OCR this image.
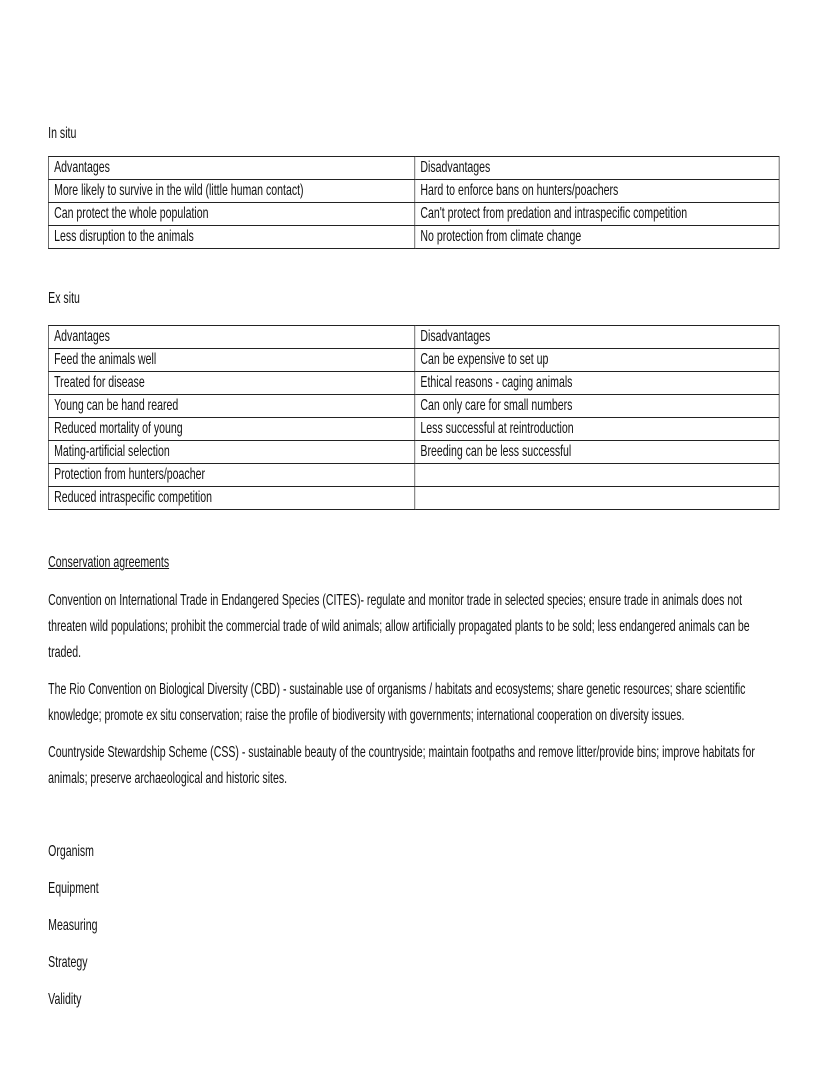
In situ
Advantages	Disadvantages
More likely to survive in the wild (little human contact)	Hard to enforce bans on hunters/poachers
Can protect the whole population	Can't protect from predation and intraspecific competition
Less disruption to the animals	No protection from climate change
Ex situ
Advantages	Disadvantages
Feed the animals well	Can be expensive to set up
Treated for disease	Ethical reasons - caging animals
Young can be hand reared	Can only care for small numbers
Reduced mortality of young	Less successful at reintroduction
Mating-artificial selection	Breeding can be less successful
Protection from hunters/poacher	
Reduced intraspecific competition	
Conservation agreements

Convention on International Trade in Endangered Species (CITES)- regulate and monitor trade in selected species; ensure trade in animals does not threaten wild populations; prohibit the commercial trade of wild animals; allow artificially propagated plants to be sold; less endangered animals can be traded.

The Rio Convention on Biological Diversity (CBD) - sustainable use of organisms / habitats and ecosystems; share genetic resources; share scientific knowledge; promote ex situ conservation; raise the profile of biodiversity with governments; international cooperation on diversity issues.

Countryside Stewardship Scheme (CSS) - sustainable beauty of the countryside; maintain footpaths and remove litter/provide bins; improve habitats for animals; preserve archaeological and historic sites.

Organism
Equipment
Measuring
Strategy
Validity
